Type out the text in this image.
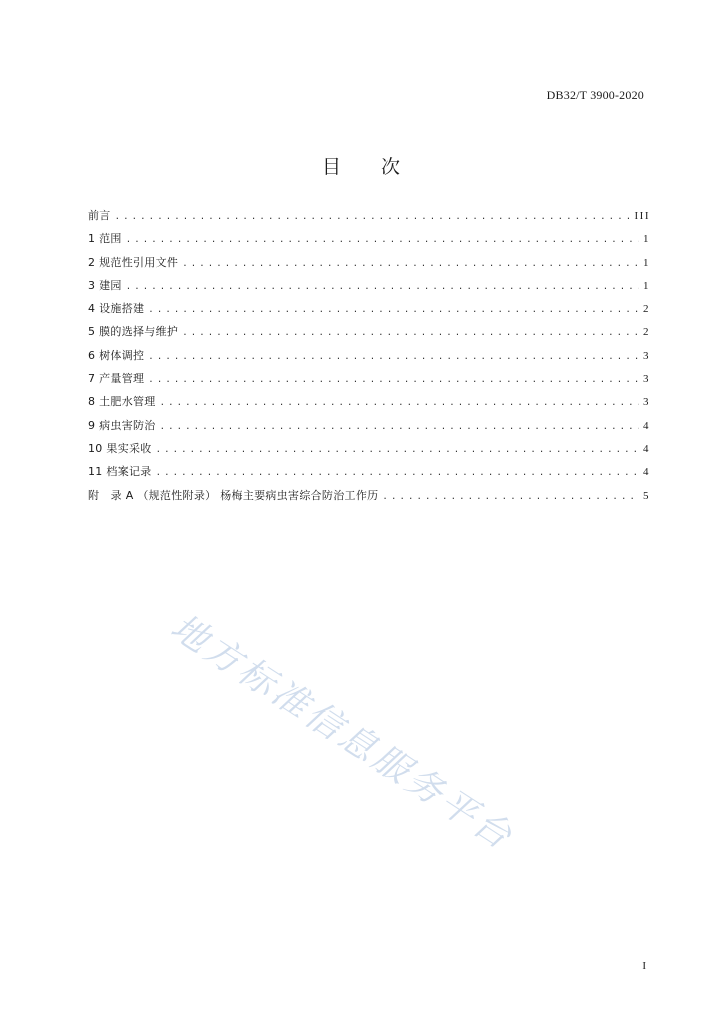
DB32/T 3900-2020
目 次
前言 .....	III
1 范围 .....	1
2 规范性引用文件 .....	1
3 建园 .....	1
4 设施搭建 .....	2
5 膜的选择与维护 .....	2
6 树体调控 .....	3
7 产量管理 .....	3
8 土肥水管理 .....	3
9 病虫害防治 .....	4
10 果实采收 .....	4
11 档案记录 .....	4
附　录 A （规范性附录） 杨梅主要病虫害综合防治工作历 .....	5
地方标准信息服务平台
I
